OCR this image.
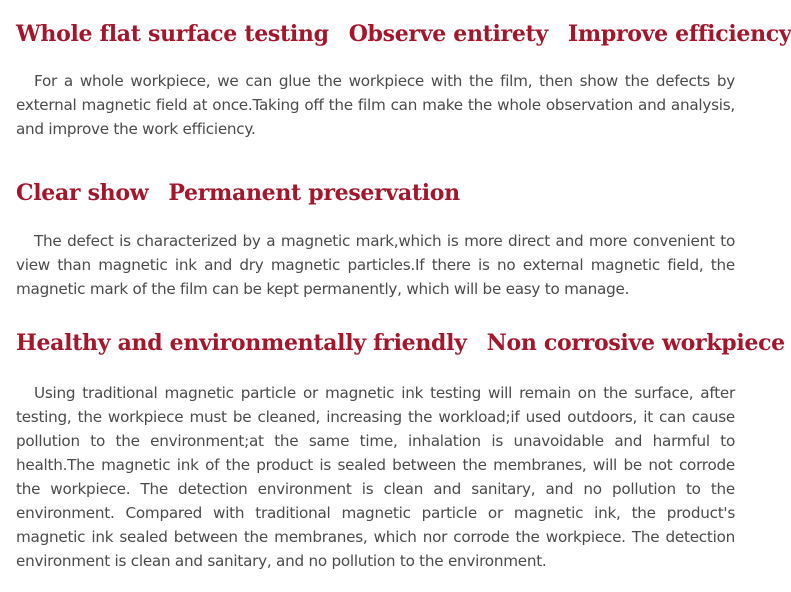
Whole flat surface testing Observe entirety Improve efficiency

For a whole workpiece, we can glue the workpiece with the film, then show the defects by external magnetic field at once.Taking off the film can make the whole observation and analysis, and improve the work efficiency.

Clear show Permanent preservation

The defect is characterized by a magnetic mark,which is more direct and more convenient to view than magnetic ink and dry magnetic particles.If there is no external magnetic field, the magnetic mark of the film can be kept permanently, which will be easy to manage.

Healthy and environmentally friendly Non corrosive workpiece

Using traditional magnetic particle or magnetic ink testing will remain on the surface, after testing, the workpiece must be cleaned, increasing the workload;if used outdoors, it can cause pollution to the environment;at the same time, inhalation is unavoidable and harmful to health.The magnetic ink of the product is sealed between the membranes, will be not corrode the workpiece. The detection environment is clean and sanitary, and no pollution to the environment. Compared with traditional magnetic particle or magnetic ink, the product's magnetic ink sealed between the membranes, which nor corrode the workpiece. The detection environment is clean and sanitary, and no pollution to the environment.
